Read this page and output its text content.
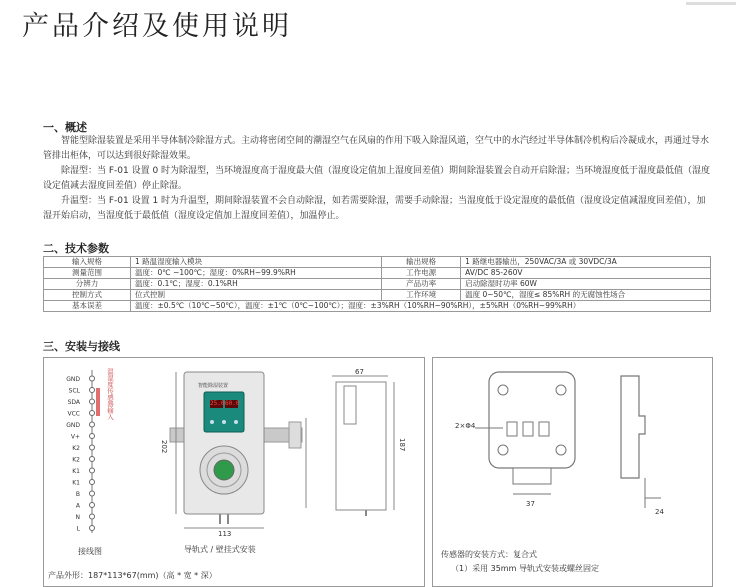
产品介绍及使用说明
一、概述

智能型除湿装置是采用半导体制冷除湿方式。主动将密闭空间的潮湿空气在风扇的作用下吸入除湿风道，空气中的水汽经过半导体制冷机构后冷凝成水，再通过导水管排出柜体，可以达到很好除湿效果。

除湿型：当 F-01 设置 0 时为除湿型，当环境湿度高于湿度最大值（湿度设定值加上湿度回差值）期间除湿装置会自动开启除湿；当环境湿度低于湿度最低值（湿度设定值减去湿度回差值）停止除湿。

升温型：当 F-01 设置 1 时为升温型，期间除湿装置不会自动除湿，如若需要除湿，需要手动除湿；当湿度低于设定湿度的最低值（湿度设定值减湿度回差值），加湿开始启动，当湿度低于最低值（湿度设定值加上湿度回差值），加温停止。

二、技术参数
输入规格	1 路温湿度输入模块	输出规格	1 路继电器输出，250VAC/3A 或 30VDC/3A
测量范围	温度：0℃ ~100℃；湿度：0%RH~99.9%RH	工作电源	AV/DC 85-260V
分辨力	温度：0.1℃；湿度：0.1%RH	产品功率	启动除湿时功率 60W
控制方式	位式控制	工作环境	温度 0~50℃，湿度≤ 85%RH 的无腐蚀性场合
基本误差	温度：±0.5℃（10℃~50℃），温度：±1℃（0℃~100℃）；湿度：±3%RH（10%RH~90%RH），±5%RH（0%RH~99%RH）		
三、安装与接线
L
N
A
B
K1
K1
K2
K2
V+
GND
VCC
SDA
SCL
GND	温湿度传感器输入
接线图
智能除湿装置
25.0 60.0
202
113
67
187
导轨式 / 壁挂式安装
产品外形：187*113*67(mm)（高 * 宽 * 深）
2×Φ4
37
24
传感器的安装方式：复合式
（1）采用 35mm 导轨式安装或螺丝固定
